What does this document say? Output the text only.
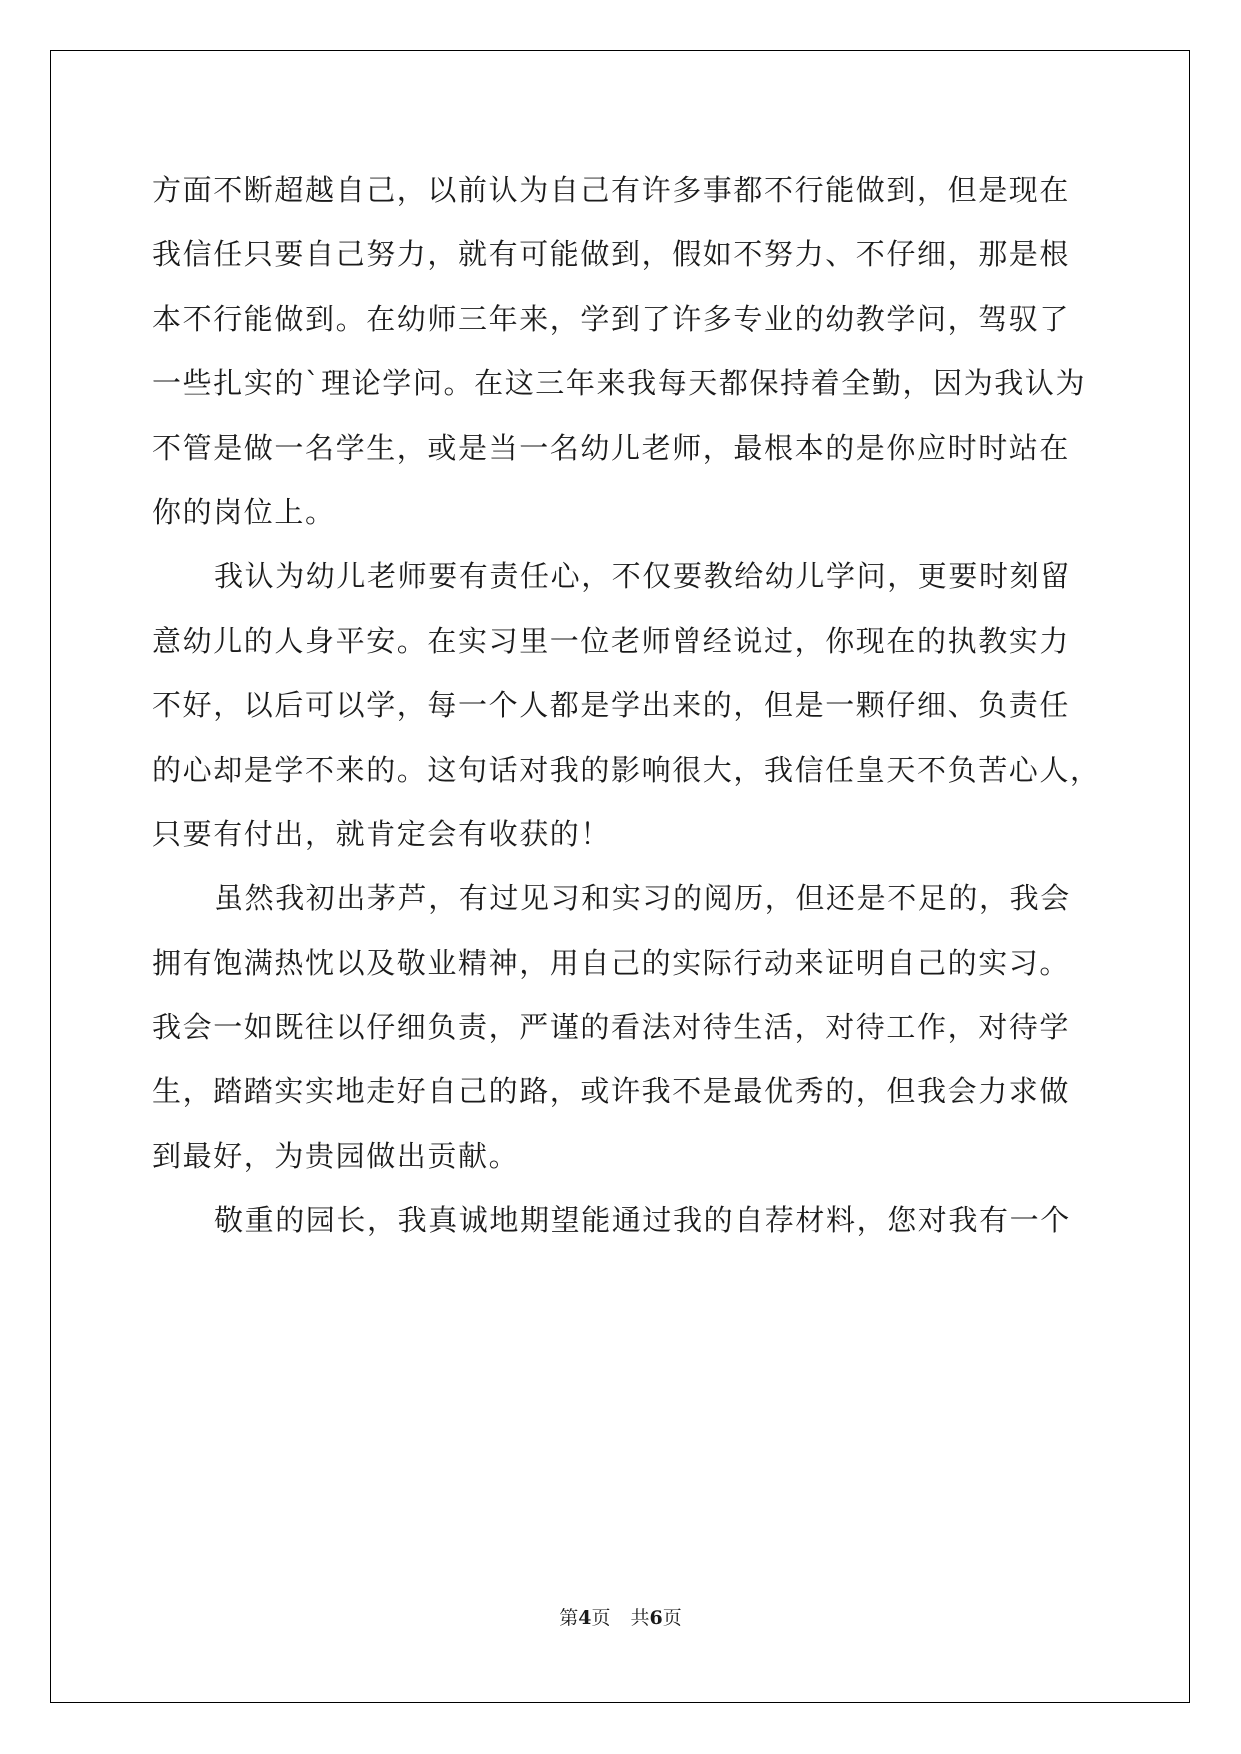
方面不断超越自己，以前认为自己有许多事都不行能做到，但是现在
我信任只要自己努力，就有可能做到，假如不努力、不仔细，那是根
本不行能做到。在幼师三年来，学到了许多专业的幼教学问，驾驭了
一些扎实的`理论学问。在这三年来我每天都保持着全勤，因为我认为
不管是做一名学生，或是当一名幼儿老师，最根本的是你应时时站在
你的岗位上。
我认为幼儿老师要有责任心，不仅要教给幼儿学问，更要时刻留
意幼儿的人身平安。在实习里一位老师曾经说过，你现在的执教实力
不好，以后可以学，每一个人都是学出来的，但是一颗仔细、负责任
的心却是学不来的。这句话对我的影响很大，我信任皇天不负苦心人，
只要有付出，就肯定会有收获的！
虽然我初出茅芦，有过见习和实习的阅历，但还是不足的，我会
拥有饱满热忱以及敬业精神，用自己的实际行动来证明自己的实习。
我会一如既往以仔细负责，严谨的看法对待生活，对待工作，对待学
生，踏踏实实地走好自己的路，或许我不是最优秀的，但我会力求做
到最好，为贵园做出贡献。
敬重的园长，我真诚地期望能通过我的自荐材料，您对我有一个
第4页 共6页
